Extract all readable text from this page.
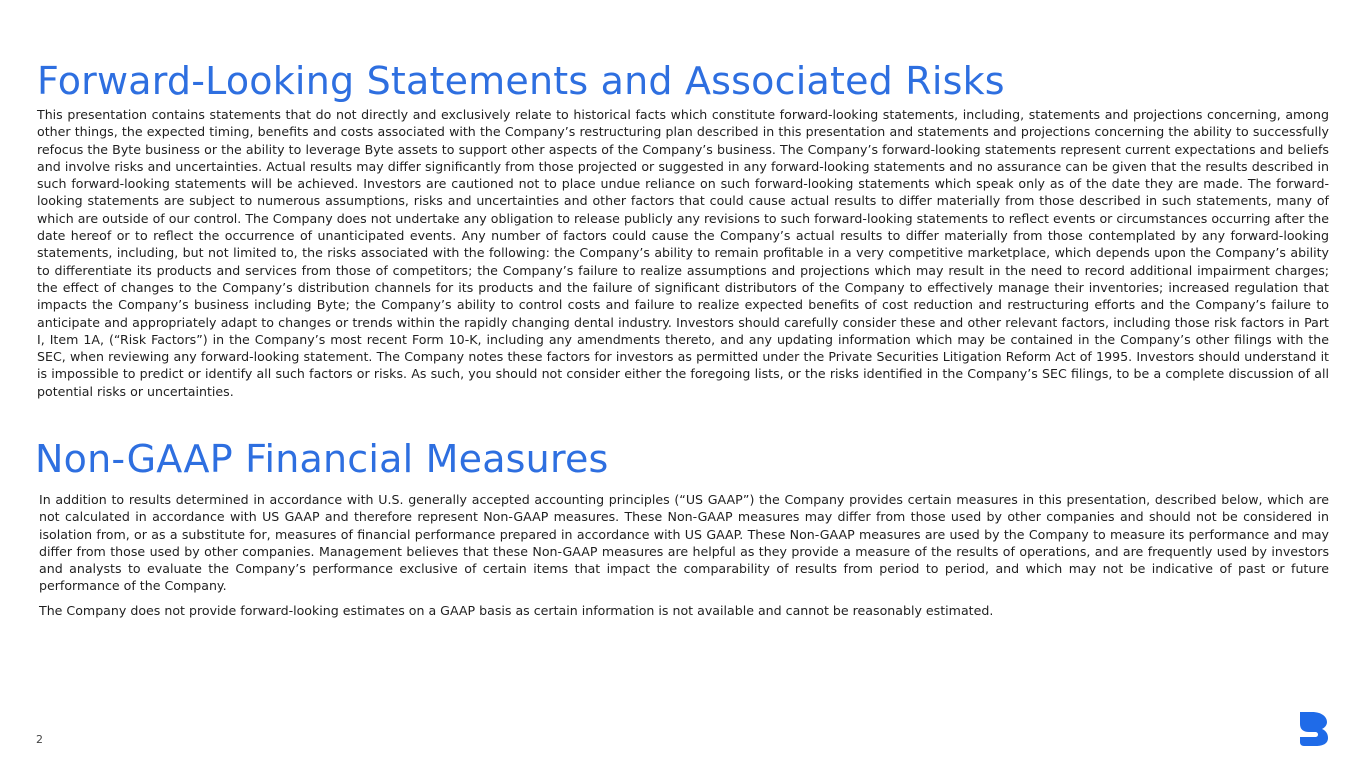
Forward-Looking Statements and Associated Risks

This presentation contains statements that do not directly and exclusively relate to historical facts which constitute forward-looking statements, including, statements and projections concerning, among other things, the expected timing, benefits and costs associated with the Company’s restructuring plan described in this presentation and statements and projections concerning the ability to successfully refocus the Byte business or the ability to leverage Byte assets to support other aspects of the Company’s business. The Company’s forward-looking statements represent current expectations and beliefs and involve risks and uncertainties. Actual results may differ significantly from those projected or suggested in any forward-looking statements and no assurance can be given that the results described in such forward-looking statements will be achieved. Investors are cautioned not to place undue reliance on such forward-looking statements which speak only as of the date they are made. The forward-looking statements are subject to numerous assumptions, risks and uncertainties and other factors that could cause actual results to differ materially from those described in such statements, many of which are outside of our control. The Company does not undertake any obligation to release publicly any revisions to such forward-looking statements to reflect events or circumstances occurring after the date hereof or to reflect the occurrence of unanticipated events. Any number of factors could cause the Company’s actual results to differ materially from those contemplated by any forward-looking statements, including, but not limited to, the risks associated with the following: the Company’s ability to remain profitable in a very competitive marketplace, which depends upon the Company’s ability to differentiate its products and services from those of competitors; the Company’s failure to realize assumptions and projections which may result in the need to record additional impairment charges; the effect of changes to the Company’s distribution channels for its products and the failure of significant distributors of the Company to effectively manage their inventories; increased regulation that impacts the Company’s business including Byte; the Company’s ability to control costs and failure to realize expected benefits of cost reduction and restructuring efforts and the Company’s failure to anticipate and appropriately adapt to changes or trends within the rapidly changing dental industry. Investors should carefully consider these and other relevant factors, including those risk factors in Part I, Item 1A, (“Risk Factors”) in the Company’s most recent Form 10-K, including any amendments thereto, and any updating information which may be contained in the Company’s other filings with the SEC, when reviewing any forward-looking statement. The Company notes these factors for investors as permitted under the Private Securities Litigation Reform Act of 1995. Investors should understand it is impossible to predict or identify all such factors or risks. As such, you should not consider either the foregoing lists, or the risks identified in the Company’s SEC filings, to be a complete discussion of all potential risks or uncertainties.

Non-GAAP Financial Measures

In addition to results determined in accordance with U.S. generally accepted accounting principles (“US GAAP”) the Company provides certain measures in this presentation, described below, which are not calculated in accordance with US GAAP and therefore represent Non-GAAP measures. These Non-GAAP measures may differ from those used by other companies and should not be considered in isolation from, or as a substitute for, measures of financial performance prepared in accordance with US GAAP. These Non-GAAP measures are used by the Company to measure its performance and may differ from those used by other companies. Management believes that these Non-GAAP measures are helpful as they provide a measure of the results of operations, and are frequently used by investors and analysts to evaluate the Company’s performance exclusive of certain items that impact the comparability of results from period to period, and which may not be indicative of past or future performance of the Company.

The Company does not provide forward-looking estimates on a GAAP basis as certain information is not available and cannot be reasonably estimated.

2
